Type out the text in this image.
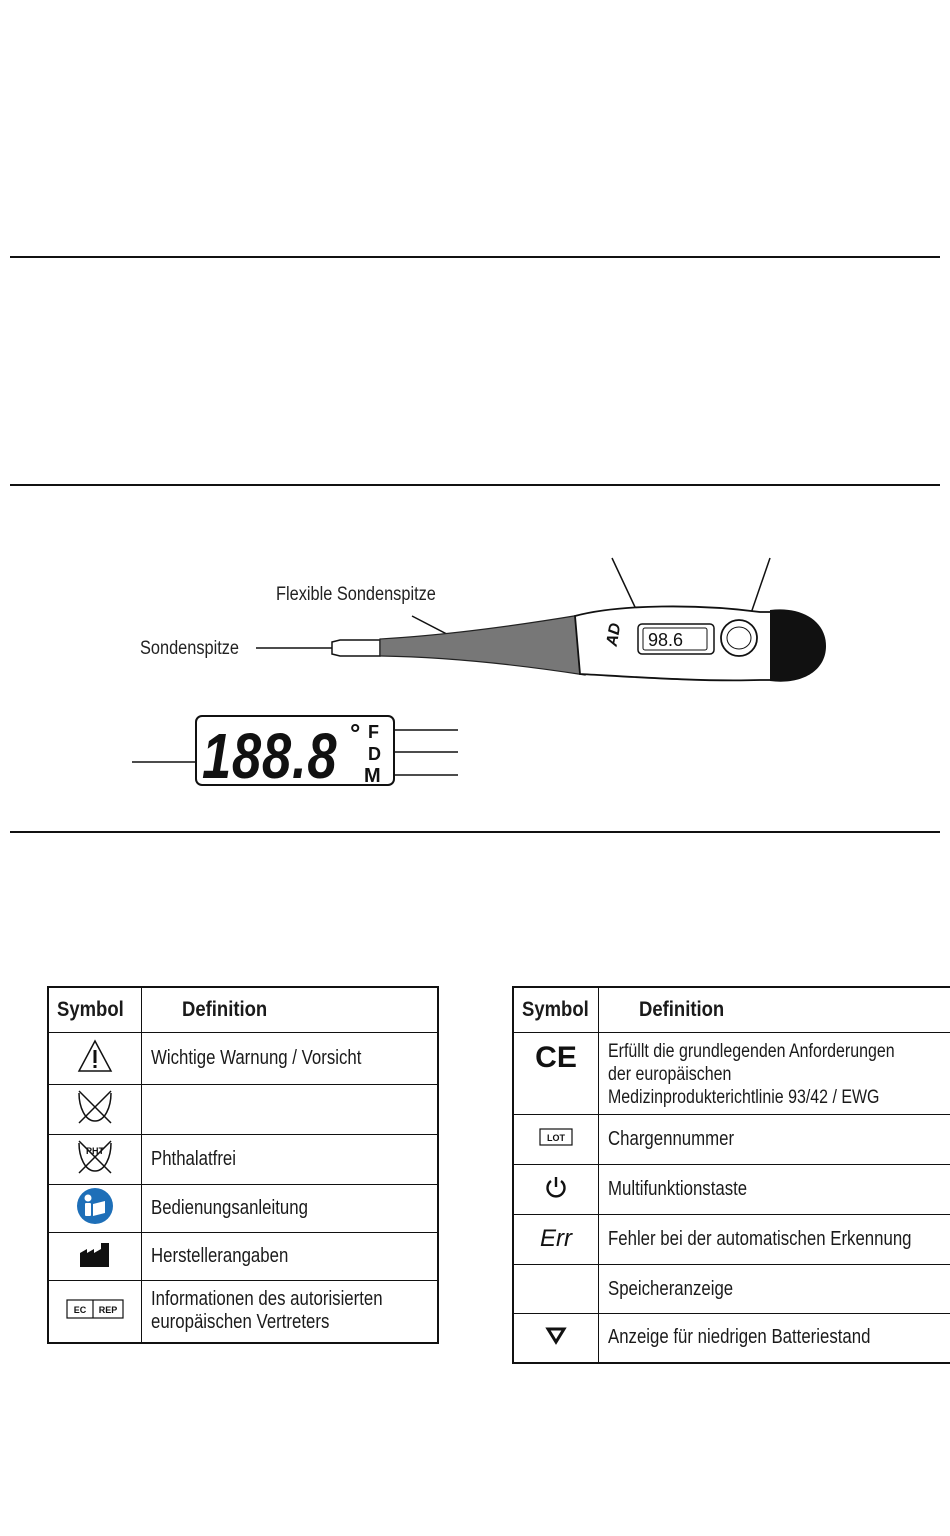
AD 98.6
Flexible Sondenspitze
Sondenspitze
188.8 ° F
D
M
Symbol	Definition
	Wichtige Warnung / Vorsicht

PHT	Phthalatfrei
	Bedienungsanleitung
	Herstellerangaben

EC REP	Informationen des autorisierten
europäischen Vertreters
Symbol	Definition

CE	Erfüllt die grundlegenden Anforderungen
der europäischen
Medizinprodukterichtlinie 93/42 / EWG

LOT	Chargennummer
	Multifunktionstaste

Err	Fehler bei der automatischen Erkennung
	Speicheranzeige
	Anzeige für niedrigen Batteriestand
